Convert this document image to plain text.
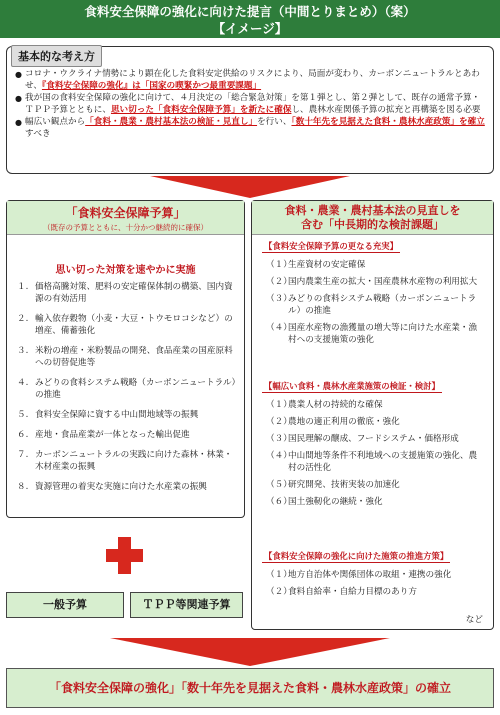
食料安全保障の強化に向けた提言（中間とりまとめ）（案）
【イメージ】
基本的な考え方
● コロナ・ウクライナ情勢により顕在化した食料安定供給のリスクにより、局面が変わり、カーボンニュートラルとあわせ、『食料安全保障の強化』は「国家の喫緊かつ最重要課題」
● 我が国の食料安全保障の強化に向けて、４月決定の「総合緊急対策」を第１弾とし、第２弾として、既存の通常予算・ＴＰＰ予算とともに、思い切った「食料安全保障予算」を新たに確保し、農林水産関係予算の拡充と再構築を図る必要
● 幅広い観点から「食料・農業・農村基本法の検証・見直し」を行い、「数十年先を見据えた食料・農林水産政策」を確立すべき
「食料安全保障予算」
（既存の予算とともに、十分かつ継続的に確保）
思い切った対策を速やかに実施
１. 価格高騰対策、肥料の安定確保体制の構築、国内資源の有効活用
２. 輸入依存穀物（小麦・大豆・トウモロコシなど）の増産、備蓄強化
３. 米粉の増産・米粉製品の開発、食品産業の国産原料への切替促進等
４. みどりの食料システム戦略（カーボンニュートラル）の推進
５. 食料安全保障に資する中山間地域等の振興
６. 産地・食品産業が一体となった輸出促進
７. カーボンニュートラルの実践に向けた森林・林業・木材産業の振興
８. 資源管理の着実な実施に向けた水産業の振興
食料・農業・農村基本法の見直しを
含む「中長期的な検討課題」
【食料安全保障予算の更なる充実】
（１）
生産資材の安定確保
（２）
国内農業生産の拡大・国産農林水産物の利用拡大
（３）
みどりの食料システム戦略（カーボンニュートラル）の推進
（４）
国産水産物の漁獲量の増大等に向けた水産業・漁村への支援施策の強化
【幅広い食料・農林水産業施策の検証・検討】
（１）
農業人材の持続的な確保
（２）
農地の適正利用の徹底・強化
（３）
国民理解の醸成、フードシステム・価格形成
（４）
中山間地等条件不利地域への支援施策の強化、農村の活性化
（５）
研究開発、技術実装の加速化
（６）
国土強靭化の継続・強化
【食料安全保障の強化に向けた施策の推進方策】
（１）
地方自治体や関係団体の取組・連携の強化
（２）
食料自給率・自給力目標のあり方
など
一般予算	ＴＰＰ等関連予算
「食料安全保障の強化」「数十年先を見据えた食料・農林水産政策」の確立
